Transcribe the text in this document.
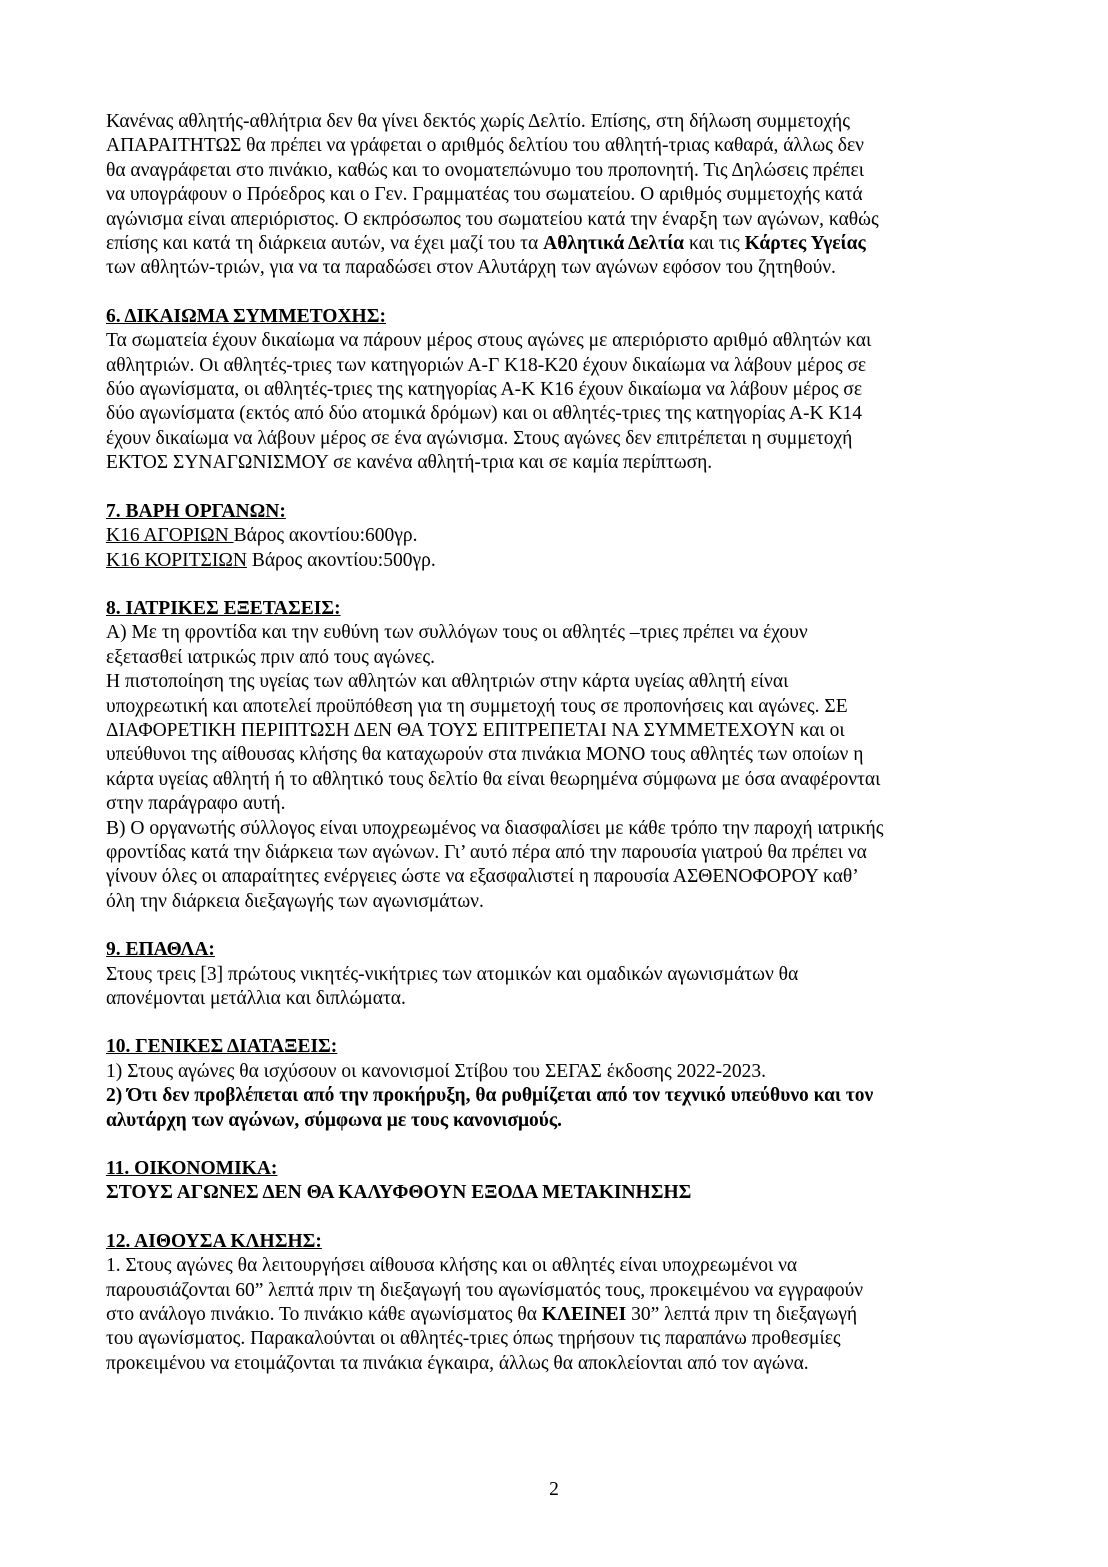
Κανένας αθλητής-αθλήτρια δεν θα γίνει δεκτός χωρίς Δελτίο. Επίσης, στη δήλωση συμμετοχής
ΑΠΑΡΑΙΤΗΤΩΣ θα πρέπει να γράφεται ο αριθμός δελτίου του αθλητή-τριας καθαρά, άλλως δεν
θα αναγράφεται στο πινάκιο, καθώς και το ονοματεπώνυμο του προπονητή. Τις Δηλώσεις πρέπει
να υπογράφουν ο Πρόεδρος και ο Γεν. Γραμματέας του σωματείου. Ο αριθμός συμμετοχής κατά
αγώνισμα είναι απεριόριστος. Ο εκπρόσωπος του σωματείου κατά την έναρξη των αγώνων, καθώς
επίσης και κατά τη διάρκεια αυτών, να έχει μαζί του τα Αθλητικά Δελτία και τις Κάρτες Υγείας
των αθλητών-τριών, για να τα παραδώσει στον Αλυτάρχη των αγώνων εφόσον του ζητηθούν.

6. ΔΙΚΑΙΩΜΑ ΣΥΜΜΕΤΟΧΗΣ:

Τα σωματεία έχουν δικαίωμα να πάρουν μέρος στους αγώνες με απεριόριστο αριθμό αθλητών και
αθλητριών. Οι αθλητές-τριες των κατηγοριών Α-Γ Κ18-Κ20 έχουν δικαίωμα να λάβουν μέρος σε
δύο αγωνίσματα, οι αθλητές-τριες της κατηγορίας Α-Κ Κ16 έχουν δικαίωμα να λάβουν μέρος σε
δύο αγωνίσματα (εκτός από δύο ατομικά δρόμων) και οι αθλητές-τριες της κατηγορίας Α-Κ Κ14
έχουν δικαίωμα να λάβουν μέρος σε ένα αγώνισμα. Στους αγώνες δεν επιτρέπεται η συμμετοχή
ΕΚΤΟΣ ΣΥΝΑΓΩΝΙΣΜΟΥ σε κανένα αθλητή-τρια και σε καμία περίπτωση.

7. ΒΑΡΗ ΟΡΓΑΝΩΝ:

Κ16 ΑΓΟΡΙΩΝ Βάρος ακοντίου:600γρ.
Κ16 ΚΟΡΙΤΣΙΩΝ Βάρος ακοντίου:500γρ.

8. ΙΑΤΡΙΚΕΣ ΕΞΕΤΑΣΕΙΣ:

Α) Με τη φροντίδα και την ευθύνη των συλλόγων τους οι αθλητές –τριες πρέπει να έχουν
εξετασθεί ιατρικώς πριν από τους αγώνες.
Η πιστοποίηση της υγείας των αθλητών και αθλητριών στην κάρτα υγείας αθλητή είναι
υποχρεωτική και αποτελεί προϋπόθεση για τη συμμετοχή τους σε προπονήσεις και αγώνες. ΣΕ
ΔΙΑΦΟΡΕΤΙΚΗ ΠΕΡΙΠΤΩΣΗ ΔΕΝ ΘΑ ΤΟΥΣ ΕΠΙΤΡΕΠΕΤΑΙ ΝΑ ΣΥΜΜΕΤΕΧΟΥΝ και οι
υπεύθυνοι της αίθουσας κλήσης θα καταχωρούν στα πινάκια ΜΟΝΟ τους αθλητές των οποίων η
κάρτα υγείας αθλητή ή το αθλητικό τους δελτίο θα είναι θεωρημένα σύμφωνα με όσα αναφέρονται
στην παράγραφο αυτή.
Β) Ο οργανωτής σύλλογος είναι υποχρεωμένος να διασφαλίσει με κάθε τρόπο την παροχή ιατρικής
φροντίδας κατά την διάρκεια των αγώνων. Γι’ αυτό πέρα από την παρουσία γιατρού θα πρέπει να
γίνουν όλες οι απαραίτητες ενέργειες ώστε να εξασφαλιστεί η παρουσία ΑΣΘΕΝΟΦΟΡΟΥ καθ’
όλη την διάρκεια διεξαγωγής των αγωνισμάτων.

9. ΕΠΑΘΛΑ:

Στους τρεις [3] πρώτους νικητές-νικήτριες των ατομικών και ομαδικών αγωνισμάτων θα
απονέμονται μετάλλια και διπλώματα.

10. ΓΕΝΙΚΕΣ ΔΙΑΤΑΞΕΙΣ:

1) Στους αγώνες θα ισχύσουν οι κανονισμοί Στίβου του ΣΕΓΑΣ έκδοσης 2022-2023.
2) Ότι δεν προβλέπεται από την προκήρυξη, θα ρυθμίζεται από τον τεχνικό υπεύθυνο και τον
αλυτάρχη των αγώνων, σύμφωνα με τους κανονισμούς.

11. ΟΙΚΟΝΟΜΙΚΑ:

ΣΤΟΥΣ ΑΓΩΝΕΣ ΔΕΝ ΘΑ ΚΑΛΥΦΘΟΥΝ ΕΞΟΔΑ ΜΕΤΑΚΙΝΗΣΗΣ

12. ΑΙΘΟΥΣΑ ΚΛΗΣΗΣ:

1. Στους αγώνες θα λειτουργήσει αίθουσα κλήσης και οι αθλητές είναι υποχρεωμένοι να
παρουσιάζονται 60” λεπτά πριν τη διεξαγωγή του αγωνίσματός τους, προκειμένου να εγγραφούν
στο ανάλογο πινάκιο. Το πινάκιο κάθε αγωνίσματος θα ΚΛΕΙΝΕΙ 30” λεπτά πριν τη διεξαγωγή
του αγωνίσματος. Παρακαλούνται οι αθλητές-τριες όπως τηρήσουν τις παραπάνω προθεσμίες
προκειμένου να ετοιμάζονται τα πινάκια έγκαιρα, άλλως θα αποκλείονται από τον αγώνα.
2
